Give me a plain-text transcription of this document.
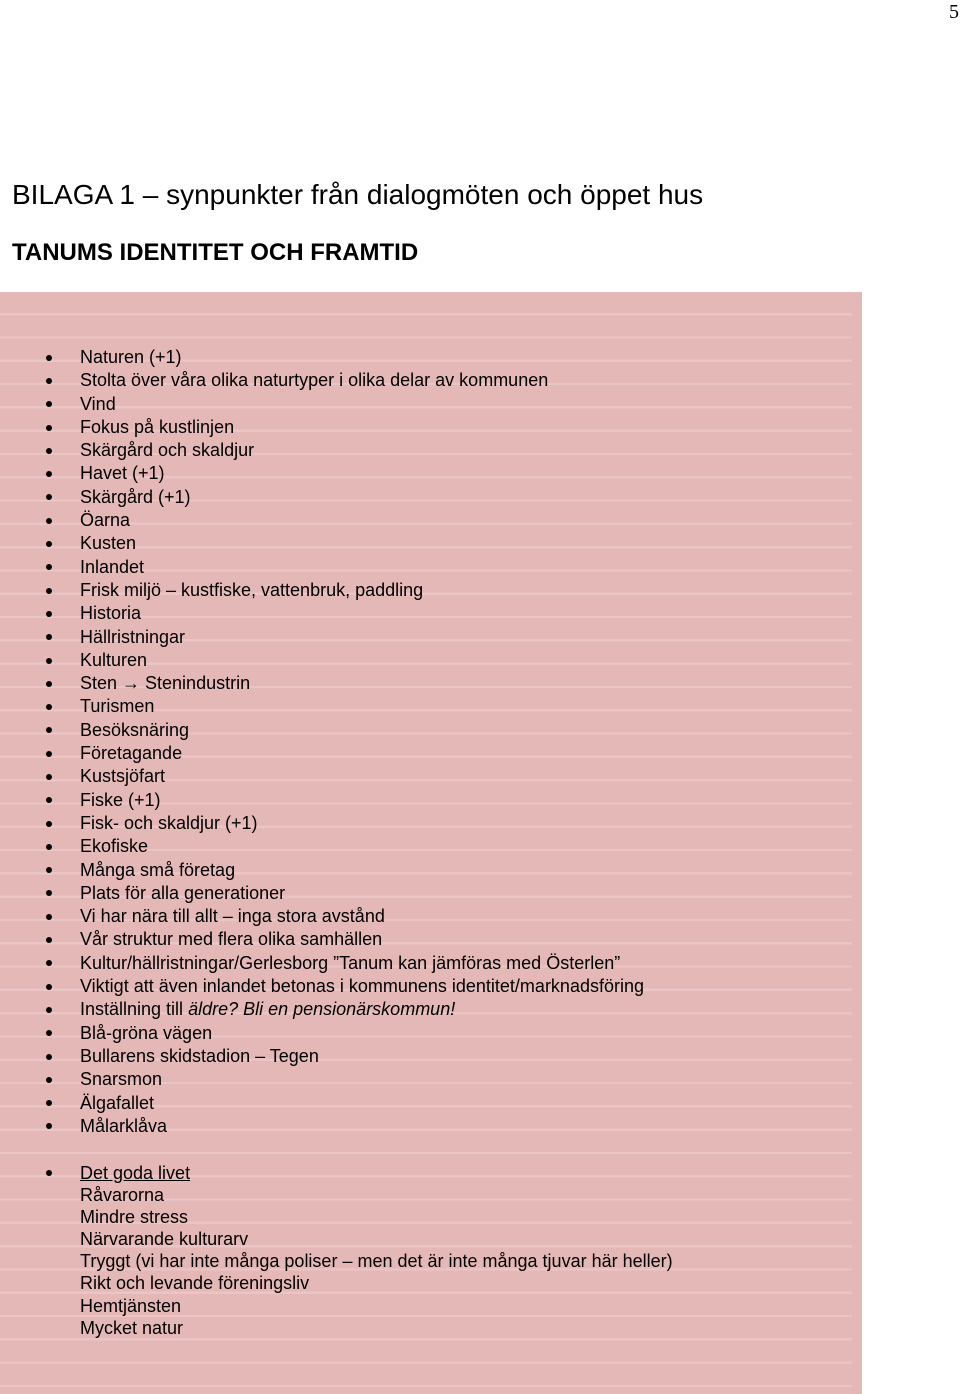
5
BILAGA 1 – synpunkter från dialogmöten och öppet hus
TANUMS IDENTITET OCH FRAMTID
Naturen (+1)
Stolta över våra olika naturtyper i olika delar av kommunen
Vind
Fokus på kustlinjen
Skärgård och skaldjur
Havet (+1)
Skärgård (+1)
Öarna
Kusten
Inlandet
Frisk miljö – kustfiske, vattenbruk, paddling
Historia
Hällristningar
Kulturen
Sten → Stenindustrin
Turismen
Besöksnäring
Företagande
Kustsjöfart
Fiske (+1)
Fisk- och skaldjur (+1)
Ekofiske
Många små företag
Plats för alla generationer
Vi har nära till allt – inga stora avstånd
Vår struktur med flera olika samhällen
Kultur/hällristningar/Gerlesborg ”Tanum kan jämföras med Österlen”
Viktigt att även inlandet betonas i kommunens identitet/marknadsföring
Inställning till äldre? Bli en pensionärskommun!
Blå-gröna vägen
Bullarens skidstadion – Tegen
Snarsmon
Älgafallet
Målarklåva
Det goda livet
Råvarorna
Mindre stress
Närvarande kulturarv
Tryggt (vi har inte många poliser – men det är inte många tjuvar här heller)
Rikt och levande föreningsliv
Hemtjänsten
Mycket natur
